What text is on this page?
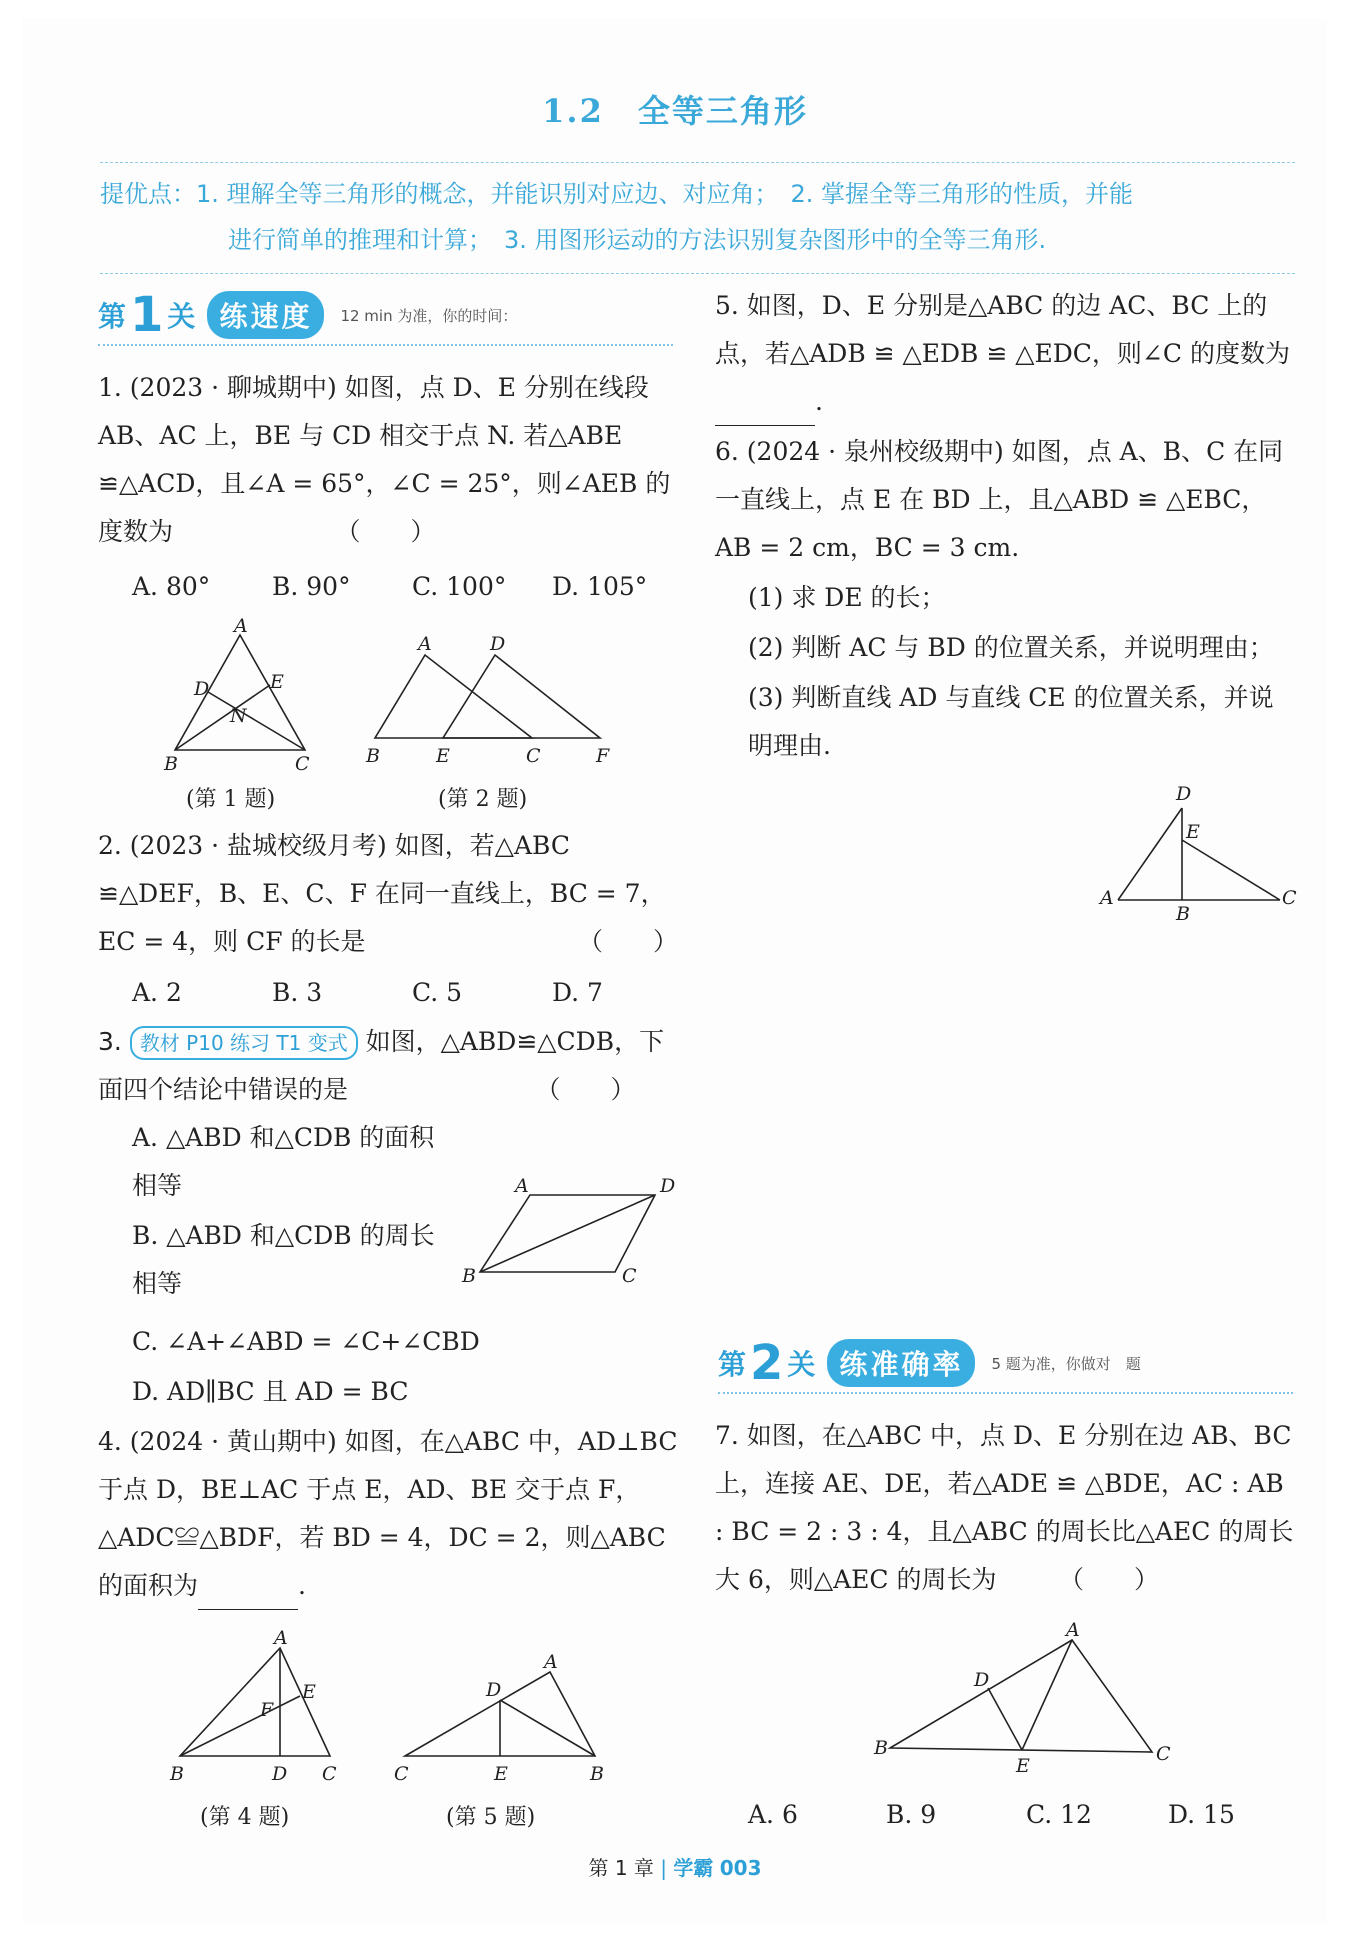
1.2 全等三角形
提优点：1. 理解全等三角形的概念，并能识别对应边、对应角；　2. 掌握全等三角形的性质，并能
进行简单的推理和计算；　3. 用图形运动的方法识别复杂图形中的全等三角形.
第 1 关 练速度	12 min 为准，你的时间：
1. (2023 · 聊城期中) 如图，点 D、E 分别在线段 AB、AC 上，BE 与 CD 相交于点 N. 若△ABE ≌△ACD，且∠A = 65°，∠C = 25°，则∠AEB 的度数为　　　　　　　（　　）
A. 80° B. 90° C. 100° D. 105°
A
D	E
N
B	C
(第 1 题)
A	D
B	E	C	F
(第 2 题)
2. (2023 · 盐城校级月考) 如图，若△ABC ≌△DEF，B、E、C、F 在同一直线上，BC = 7，EC = 4，则 CF 的长是　　　　　　　　　（　　）
A. 2	B. 3	C. 5	D. 7
3. 教材 P10 练习 T1 变式 如图，△ABD≌△CDB，下面四个结论中错误的是　　　　　　　　（　　）
A. △ABD 和△CDB 的面积相等
B. △ABD 和△CDB 的周长相等
C. ∠A+∠ABD = ∠C+∠CBD
D. AD∥BC 且 AD = BC
A	D
B	C
4. (2024 · 黄山期中) 如图，在△ABC 中，AD⊥BC 于点 D，BE⊥AC 于点 E，AD、BE 交于点 F，△ADC≌△BDF，若 BD = 4，DC = 2，则△ABC 的面积为	.
A
F
E
B	D C
(第 4 题)
A
D
C	E	B
(第 5 题)
5. 如图，D、E 分别是△ABC 的边 AC、BC 上的点，若△ADB ≌ △EDB ≌ △EDC，则∠C 的度数为.
6. (2024 · 泉州校级期中) 如图，点 A、B、C 在同一直线上，点 E 在 BD 上，且△ABD ≌ △EBC，AB = 2 cm，BC = 3 cm.
(1) 求 DE 的长；
(2) 判断 AC 与 BD 的位置关系，并说明理由；
(3) 判断直线 AD 与直线 CE 的位置关系，并说明理由.
D
E
A
B
C
第 2 关 练准确率	5 题为准，你做对　题
7. 如图，在△ABC 中，点 D、E 分别在边 AB、BC 上，连接 AE、DE，若△ADE ≌ △BDE，AC : AB : BC = 2 : 3 : 4，且△ABC 的周长比△AEC 的周长大 6，则△AEC 的周长为　　　（　　）
A
D
B
E
C
A. 6	B. 9	C. 12	D. 15
第 1 章 | 学霸 003
